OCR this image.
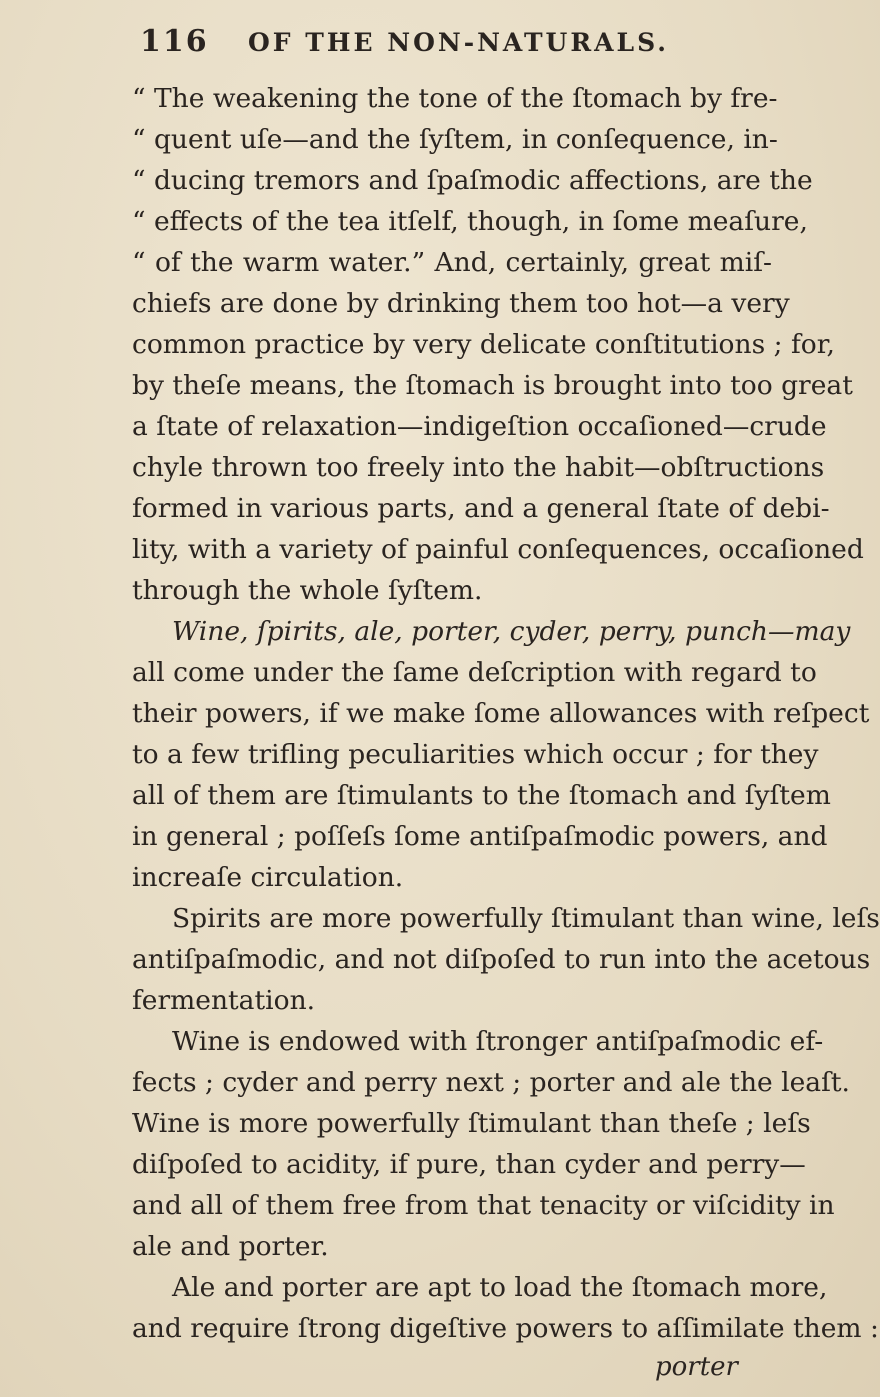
116 OF THE NON-NATURALS.
“ The weakening the tone of the ſtomach by fre-
“ quent uſe—and the ſyſtem, in conſequence, in-
“ ducing tremors and ſpaſmodic affections, are the
“ effects of the tea itſelf, though, in ſome meaſure,
“ of the warm water.” And, certainly, great miſ-
chiefs are done by drinking them too hot—a very
common practice by very delicate conſtitutions ; for,
by theſe means, the ſtomach is brought into too great
a ſtate of relaxation—indigeſtion occaſioned—crude
chyle thrown too freely into the habit—obſtructions
formed in various parts, and a general ſtate of debi-
lity, with a variety of painful conſequences, occaſioned
through the whole ſyſtem.
Wine, ſpirits, ale, porter, cyder, perry, punch—may
all come under the ſame deſcription with regard to
their powers, if we make ſome allowances with reſpect
to a few trifling peculiarities which occur ; for they
all of them are ſtimulants to the ſtomach and ſyſtem
in general ; poſſeſs ſome antiſpaſmodic powers, and
increaſe circulation.
Spirits are more powerfully ſtimulant than wine, leſs
antiſpaſmodic, and not diſpoſed to run into the acetous
fermentation.
Wine is endowed with ſtronger antiſpaſmodic ef-
fects ; cyder and perry next ; porter and ale the leaſt.
Wine is more powerfully ſtimulant than theſe ; leſs
diſpoſed to acidity, if pure, than cyder and perry—
and all of them free from that tenacity or viſcidity in
ale and porter.
Ale and porter are apt to load the ſtomach more,
and require ſtrong digeſtive powers to aſſimilate them :
porter
